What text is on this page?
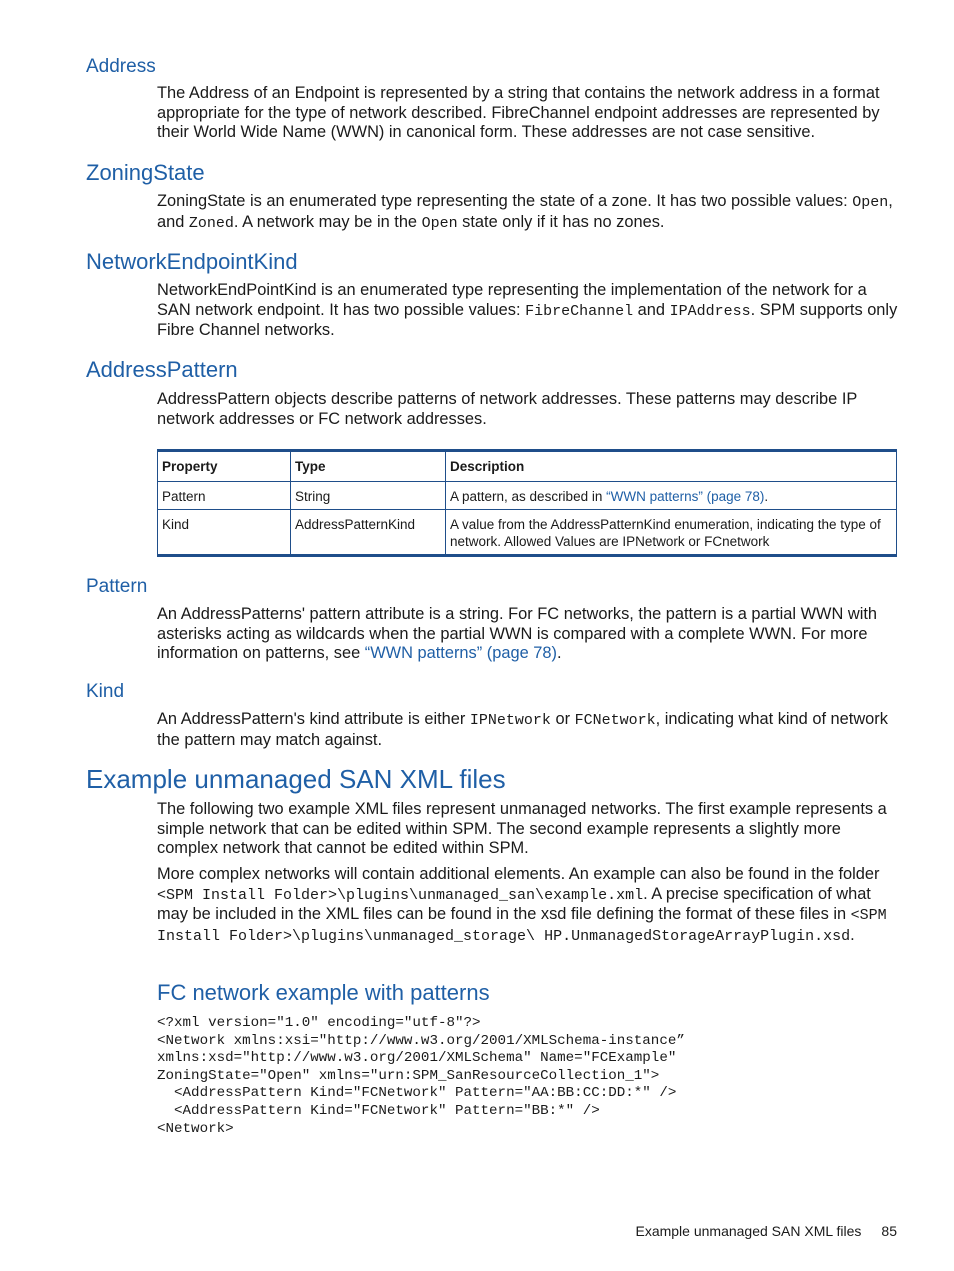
Address

The Address of an Endpoint is represented by a string that contains the network address in a format appropriate for the type of network described. FibreChannel endpoint addresses are represented by their World Wide Name (WWN) in canonical form. These addresses are not case sensitive.

ZoningState

ZoningState is an enumerated type representing the state of a zone. It has two possible values: Open, and Zoned. A network may be in the Open state only if it has no zones.

NetworkEndpointKind

NetworkEndPointKind is an enumerated type representing the implementation of the network for a SAN network endpoint. It has two possible values: FibreChannel and IPAddress. SPM supports only Fibre Channel networks.

AddressPattern

AddressPattern objects describe patterns of network addresses. These patterns may describe IP network addresses or FC network addresses.

Property	Type	Description
Pattern	String	A pattern, as described in “WWN patterns” (page 78).
Kind	AddressPatternKind	A value from the AddressPatternKind enumeration, indicating the type of network. Allowed Values are IPNetwork or FCnetwork
Pattern

An AddressPatterns' pattern attribute is a string. For FC networks, the pattern is a partial WWN with asterisks acting as wildcards when the partial WWN is compared with a complete WWN. For more information on patterns, see “WWN patterns” (page 78).

Kind

An AddressPattern's kind attribute is either IPNetwork or FCNetwork, indicating what kind of network the pattern may match against.

Example unmanaged SAN XML files

The following two example XML files represent unmanaged networks. The first example represents a simple network that can be edited within SPM. The second example represents a slightly more complex network that cannot be edited within SPM.

More complex networks will contain additional elements. An example can also be found in the folder <SPM Install Folder>\plugins\unmanaged_san\example.xml. A precise specification of what may be included in the XML files can be found in the xsd file defining the format of these files in <SPM Install Folder>\plugins\unmanaged_storage\ HP.UnmanagedStorageArrayPlugin.xsd.

FC network example with patterns
<?xml version="1.0" encoding="utf-8"?>
<Network xmlns:xsi="http://www.w3.org/2001/XMLSchema-instance”
xmlns:xsd="http://www.w3.org/2001/XMLSchema" Name="FCExample"
ZoningState="Open" xmlns="urn:SPM_SanResourceCollection_1">
<AddressPattern Kind="FCNetwork" Pattern="AA:BB:CC:DD:*" />
<AddressPattern Kind="FCNetwork" Pattern="BB:*" />
<Network>
Example unmanaged SAN XML files 85
